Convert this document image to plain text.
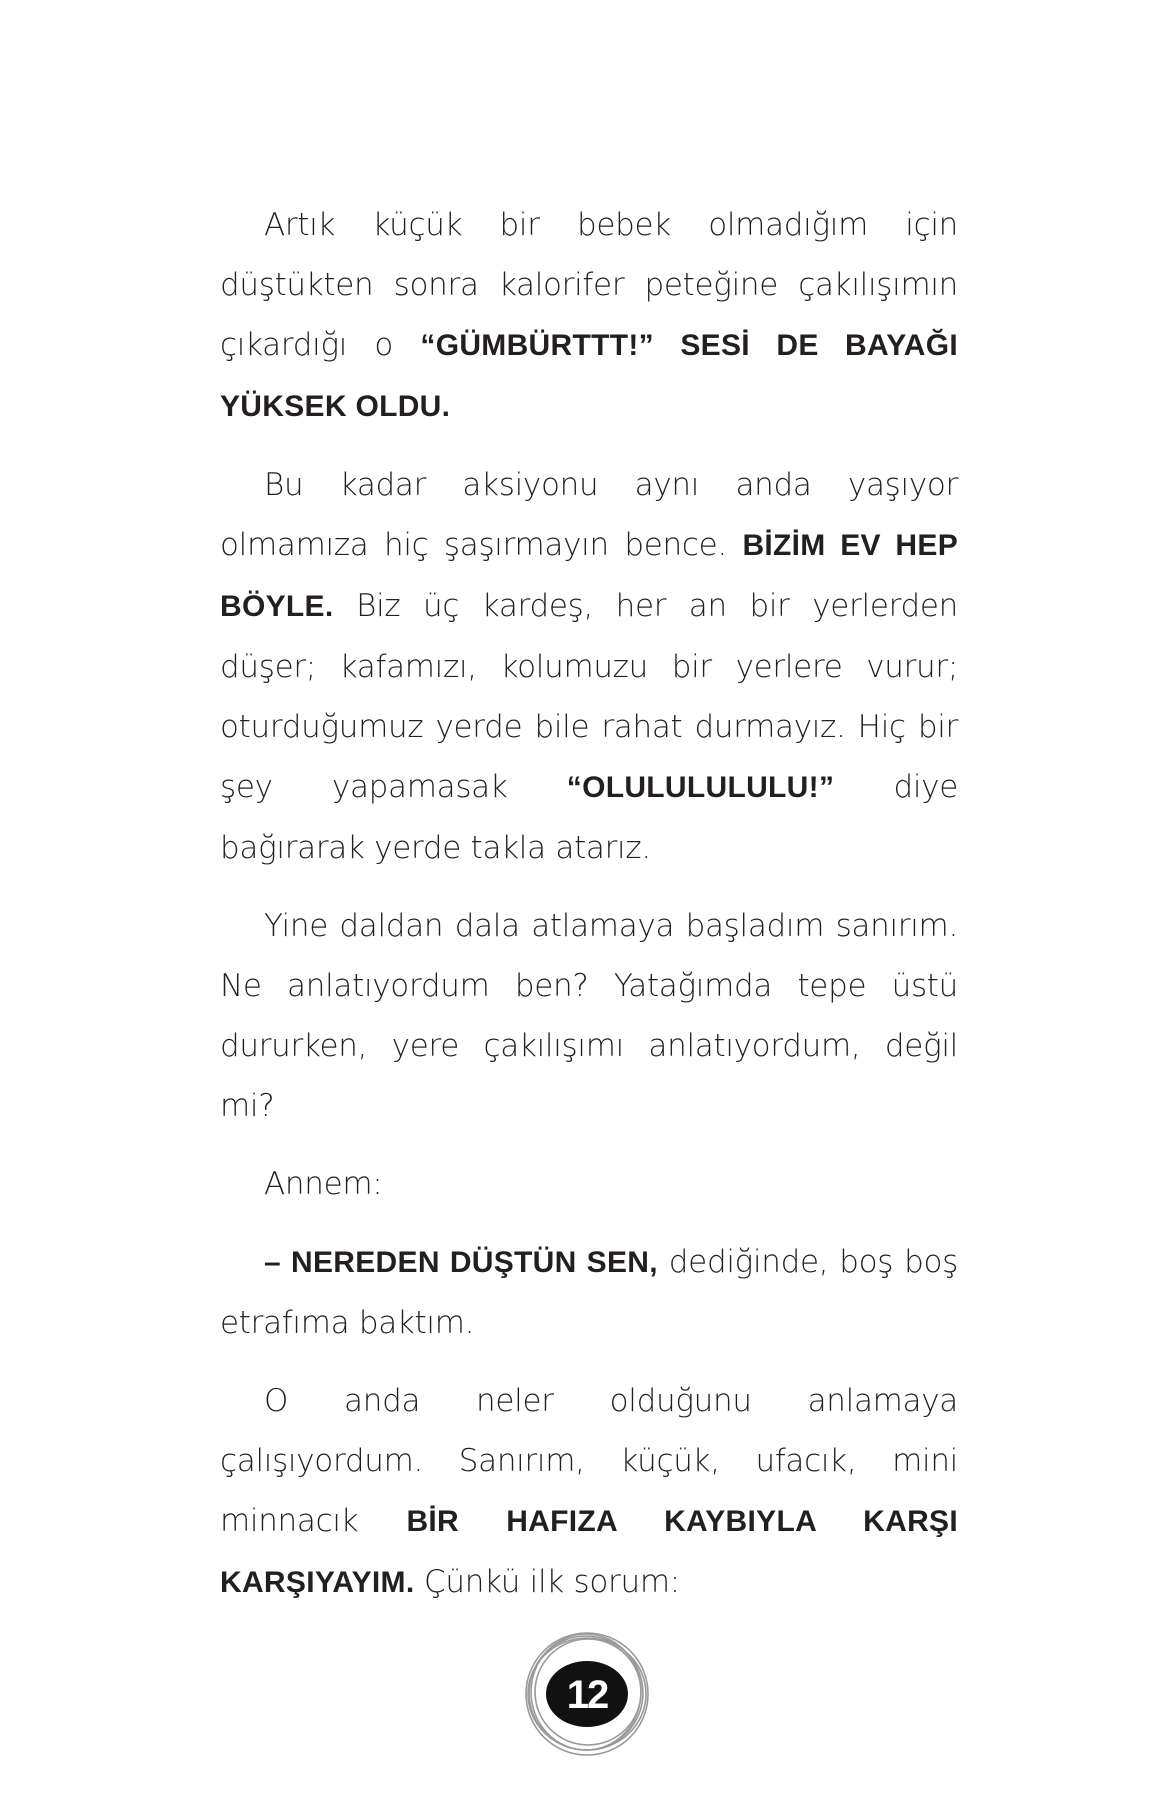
Artık küçük bir bebek olmadığım için düştükten sonra kalorifer peteğine çakılışımın çıkardığı o “GÜMBÜRTTT!” SESİ DE BAYAĞI YÜKSEK OLDU.

Bu kadar aksiyonu aynı anda yaşıyor olmamıza hiç şaşırmayın bence. BİZİM EV HEP BÖYLE. Biz üç kardeş, her an bir yerlerden düşer; kafamızı, kolumuzu bir yerlere vurur; oturduğumuz yerde bile rahat durmayız. Hiç bir şey yapamasak “OLULULULULU!” diye bağırarak yerde takla atarız.

Yine daldan dala atlamaya başladım sanırım. Ne anlatıyordum ben? Yatağımda tepe üstü dururken, yere çakılışımı anlatıyordum, değil mi?

Annem:

– NEREDEN DÜŞTÜN SEN, dediğinde, boş boş etrafıma baktım.

O anda neler olduğunu anlamaya çalışıyordum. Sanırım, küçük, ufacık, mini minnacık BİR HAFIZA KAYBIYLA KARŞI KARŞIYAYIM. Çünkü ilk sorum:

12
